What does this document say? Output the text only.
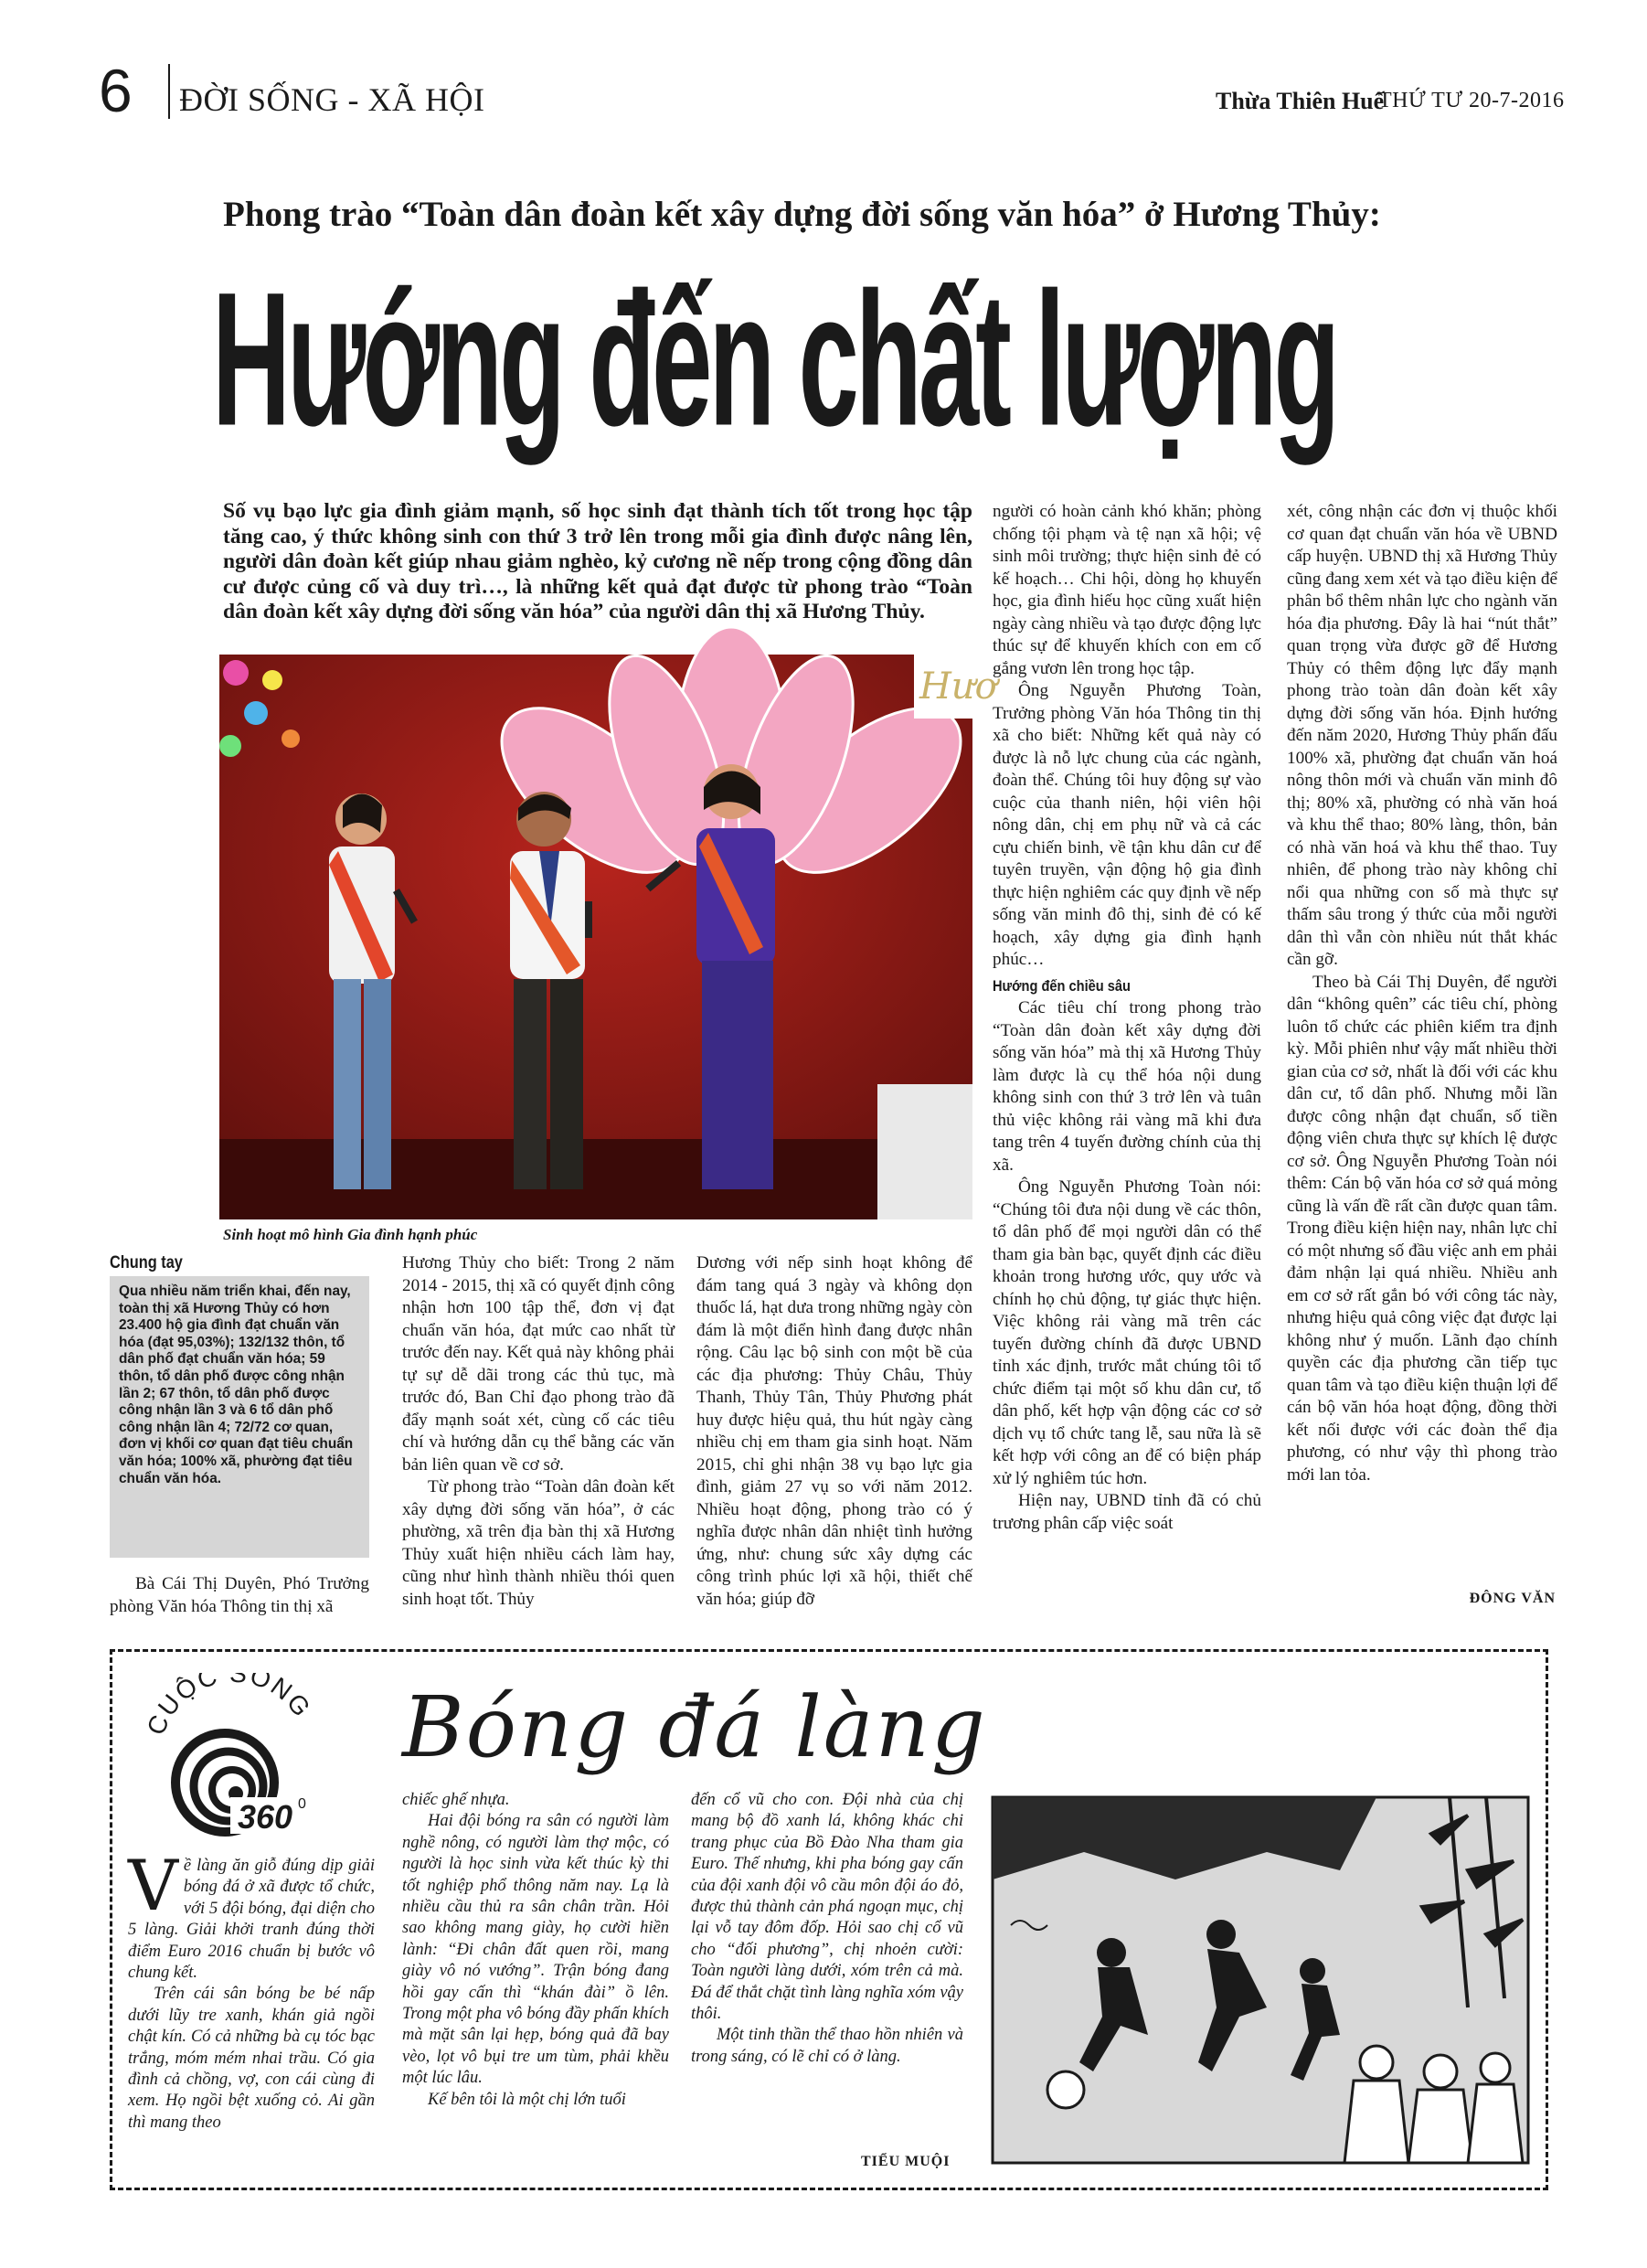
6 ĐỜI SỐNG - XÃ HỘI	Thừa Thiên Huế
THỨ TƯ 20-7-2016
Phong trào “Toàn dân đoàn kết xây dựng đời sống văn hóa” ở Hương Thủy:
Hướng đến chất lượng
Số vụ bạo lực gia đình giảm mạnh, số học sinh đạt thành tích tốt trong học tập tăng cao, ý thức không sinh con thứ 3 trở lên trong mỗi gia đình được nâng lên, người dân đoàn kết giúp nhau giảm nghèo, kỷ cương nề nếp trong cộng đồng dân cư được củng cố và duy trì…, là những kết quả đạt được từ phong trào “Toàn dân đoàn kết xây dựng đời sống văn hóa” của người dân thị xã Hương Thủy.
Hươ
Sinh hoạt mô hình Gia đình hạnh phúc
Chung tay
Qua nhiều năm triển khai, đến nay, toàn thị xã Hương Thủy có hơn 23.400 hộ gia đình đạt chuẩn văn hóa (đạt 95,03%); 132/132 thôn, tổ dân phố đạt chuẩn văn hóa; 59 thôn, tổ dân phố được công nhận lần 2; 67 thôn, tổ dân phố được công nhận lần 3 và 6 tổ dân phố công nhận lần 4; 72/72 cơ quan, đơn vị khối cơ quan đạt tiêu chuẩn văn hóa; 100% xã, phường đạt tiêu chuẩn văn hóa.

Bà Cái Thị Duyên, Phó Trưởng phòng Văn hóa Thông tin thị xã

Hương Thủy cho biết: Trong 2 năm 2014 - 2015, thị xã có quyết định công nhận hơn 100 tập thể, đơn vị đạt chuẩn văn hóa, đạt mức cao nhất từ trước đến nay. Kết quả này không phải tự sự dễ dãi trong các thủ tục, mà trước đó, Ban Chỉ đạo phong trào đã đẩy mạnh soát xét, cùng cố các tiêu chí và hướng dẫn cụ thể bằng các văn bản liên quan về cơ sở.

Từ phong trào “Toàn dân đoàn kết xây dựng đời sống văn hóa”, ở các phường, xã trên địa bàn thị xã Hương Thủy xuất hiện nhiều cách làm hay, cũng như hình thành nhiều thói quen sinh hoạt tốt. Thủy

Dương với nếp sinh hoạt không để đám tang quá 3 ngày và không dọn thuốc lá, hạt dưa trong những ngày còn đám là một điển hình đang được nhân rộng. Câu lạc bộ sinh con một bề của các địa phương: Thủy Châu, Thủy Thanh, Thủy Tân, Thủy Phương phát huy được hiệu quả, thu hút ngày càng nhiều chị em tham gia sinh hoạt. Năm 2015, chỉ ghi nhận 38 vụ bạo lực gia đình, giảm 27 vụ so với năm 2012. Nhiều hoạt động, phong trào có ý nghĩa được nhân dân nhiệt tình hưởng ứng, như: chung sức xây dựng các công trình phúc lợi xã hội, thiết chế văn hóa; giúp đỡ

người có hoàn cảnh khó khăn; phòng chống tội phạm và tệ nạn xã hội; vệ sinh môi trường; thực hiện sinh đẻ có kế hoạch… Chi hội, dòng họ khuyến học, gia đình hiếu học cũng xuất hiện ngày càng nhiều và tạo được động lực thúc sự để khuyến khích con em cố gắng vươn lên trong học tập.

Ông Nguyễn Phương Toàn, Trưởng phòng Văn hóa Thông tin thị xã cho biết: Những kết quả này có được là nỗ lực chung của các ngành, đoàn thể. Chúng tôi huy động sự vào cuộc của thanh niên, hội viên hội nông dân, chị em phụ nữ và cả các cựu chiến binh, về tận khu dân cư để tuyên truyền, vận động hộ gia đình thực hiện nghiêm các quy định về nếp sống văn minh đô thị, sinh đẻ có kế hoạch, xây dựng gia đình hạnh phúc…

Hướng đến chiều sâu

Các tiêu chí trong phong trào “Toàn dân đoàn kết xây dựng đời sống văn hóa” mà thị xã Hương Thủy làm được là cụ thể hóa nội dung không sinh con thứ 3 trở lên và tuân thủ việc không rải vàng mã khi đưa tang trên 4 tuyến đường chính của thị xã.

Ông Nguyễn Phương Toàn nói: “Chúng tôi đưa nội dung về các thôn, tổ dân phố để mọi người dân có thể tham gia bàn bạc, quyết định các điều khoản trong hương ước, quy ước và chính họ chủ động, tự giác thực hiện. Việc không rải vàng mã trên các tuyến đường chính đã được UBND tỉnh xác định, trước mắt chúng tôi tổ chức điểm tại một số khu dân cư, tổ dân phố, kết hợp vận động các cơ sở dịch vụ tổ chức tang lễ, sau nữa là sẽ kết hợp với công an để có biện pháp xử lý nghiêm túc hơn.

Hiện nay, UBND tỉnh đã có chủ trương phân cấp việc soát

xét, công nhận các đơn vị thuộc khối cơ quan đạt chuẩn văn hóa về UBND cấp huyện. UBND thị xã Hương Thủy cũng đang xem xét và tạo điều kiện để phân bổ thêm nhân lực cho ngành văn hóa địa phương. Đây là hai “nút thắt” quan trọng vừa được gỡ để Hương Thủy có thêm động lực đẩy mạnh phong trào toàn dân đoàn kết xây dựng đời sống văn hóa. Định hướng đến năm 2020, Hương Thủy phấn đấu 100% xã, phường đạt chuẩn văn hoá nông thôn mới và chuẩn văn minh đô thị; 80% xã, phường có nhà văn hoá và khu thể thao; 80% làng, thôn, bản có nhà văn hoá và khu thể thao. Tuy nhiên, để phong trào này không chỉ nổi qua những con số mà thực sự thấm sâu trong ý thức của mỗi người dân thì vẫn còn nhiều nút thắt khác cần gỡ.

Theo bà Cái Thị Duyên, để người dân “không quên” các tiêu chí, phòng luôn tổ chức các phiên kiểm tra định kỳ. Mỗi phiên như vậy mất nhiều thời gian của cơ sở, nhất là đối với các khu dân cư, tổ dân phố. Nhưng mỗi lần được công nhận đạt chuẩn, số tiền động viên chưa thực sự khích lệ được cơ sở. Ông Nguyễn Phương Toàn nói thêm: Cán bộ văn hóa cơ sở quá mỏng cũng là vấn đề rất cần được quan tâm. Trong điều kiện hiện nay, nhân lực chỉ có một nhưng số đầu việc anh em phải đảm nhận lại quá nhiều. Nhiều anh em cơ sở rất gắn bó với công tác này, nhưng hiệu quả công việc đạt được lại không như ý muốn. Lãnh đạo chính quyền các địa phương cần tiếp tục quan tâm và tạo điều kiện thuận lợi để cán bộ văn hóa hoạt động, đồng thời kết nối được với các đoàn thể địa phương, có như vậy thì phong trào mới lan tỏa.

ĐÔNG VĂN
CUỘC SỐNG
360 0
Bóng đá làng

Về làng ăn giỗ đúng dịp giải bóng đá ở xã được tổ chức, với 5 đội bóng, đại diện cho 5 làng. Giải khởi tranh đúng thời điểm Euro 2016 chuẩn bị bước vô chung kết.

Trên cái sân bóng be bé nấp dưới lũy tre xanh, khán giả ngồi chật kín. Có cả những bà cụ tóc bạc trắng, móm mém nhai trầu. Có gia đình cả chồng, vợ, con cái cùng đi xem. Họ ngồi bệt xuống cỏ. Ai gần thì mang theo

chiếc ghế nhựa.

Hai đội bóng ra sân có người làm nghề nông, có người làm thợ mộc, có người là học sinh vừa kết thúc kỳ thi tốt nghiệp phổ thông năm nay. Lạ là nhiều cầu thủ ra sân chân trần. Hỏi sao không mang giày, họ cười hiền lành: “Đi chân đất quen rồi, mang giày vô nó vướng”. Trận bóng đang hồi gay cấn thì “khán đài” ồ lên. Trong một pha vô bóng đầy phấn khích mà mặt sân lại hẹp, bóng quả đã bay vèo, lọt vô bụi tre um tùm, phải khều một lúc lâu.

Kế bên tôi là một chị lớn tuổi

đến cổ vũ cho con. Đội nhà của chị mang bộ đồ xanh lá, không khác chi trang phục của Bồ Đào Nha tham gia Euro. Thế nhưng, khi pha bóng gay cấn của đội xanh đội vô cầu môn đội áo đỏ, được thủ thành cản phá ngoạn mục, chị lại vỗ tay đôm đốp. Hỏi sao chị cổ vũ cho “đối phương”, chị nhoẻn cười: Toàn người làng dưới, xóm trên cả mà. Đá để thắt chặt tình làng nghĩa xóm vậy thôi.

Một tinh thần thể thao hồn nhiên và trong sáng, có lẽ chỉ có ở làng.

TIỂU MUỘI
